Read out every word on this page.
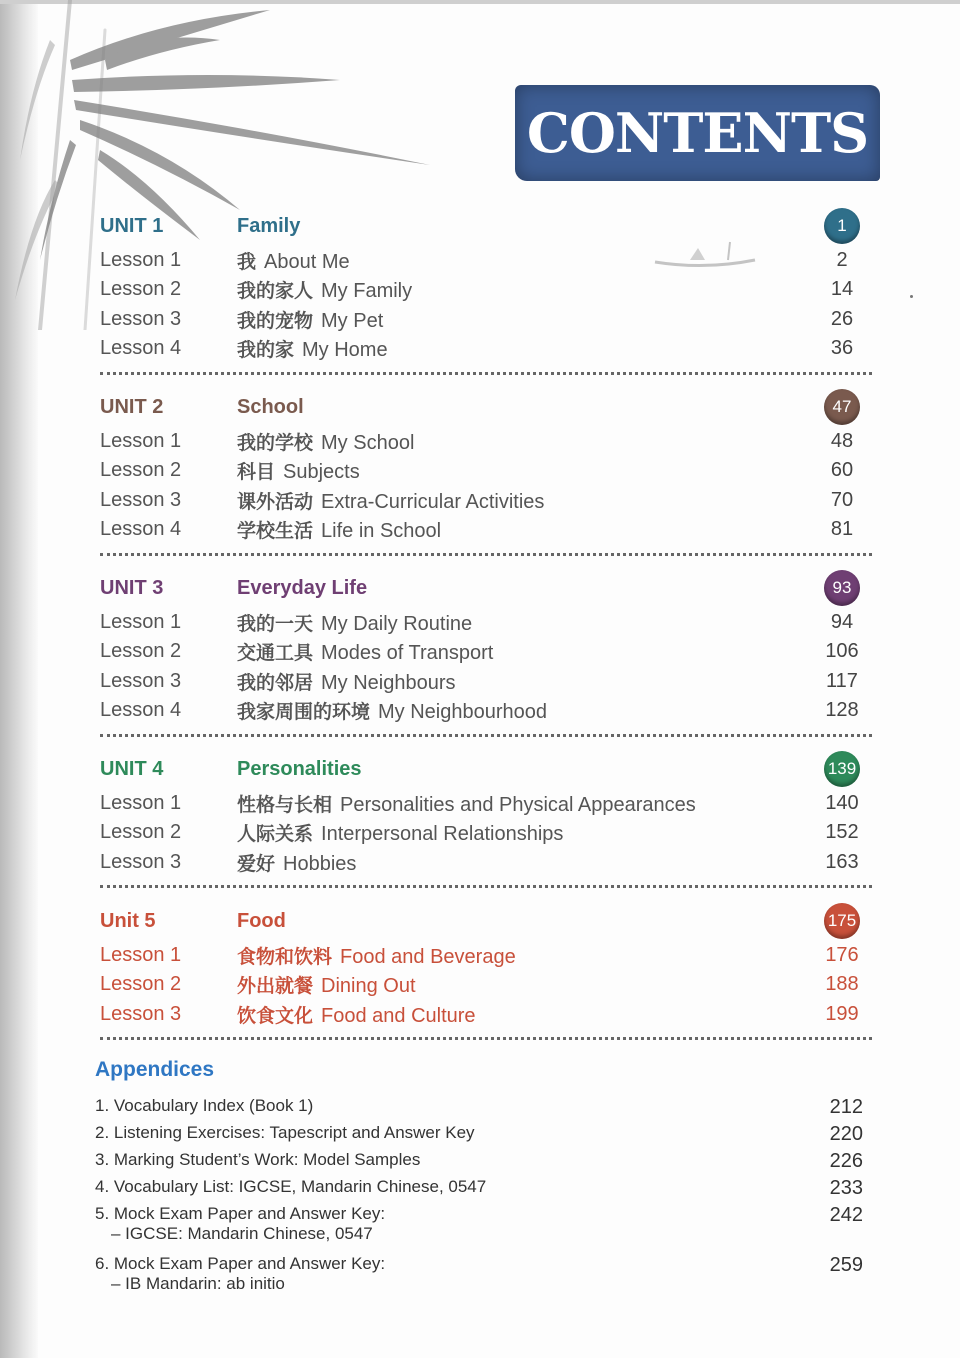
CONTENTS
UNIT 1	Family	1
Lesson 1	我 About Me	2
Lesson 2	我的家人 My Family	14
Lesson 3	我的宠物 My Pet	26
Lesson 4	我的家 My Home	36
UNIT 2	School	47
Lesson 1	我的学校 My School	48
Lesson 2	科目 Subjects	60
Lesson 3	课外活动 Extra-Curricular Activities	70
Lesson 4	学校生活 Life in School	81
UNIT 3	Everyday Life	93
Lesson 1	我的一天 My Daily Routine	94
Lesson 2	交通工具 Modes of Transport	106
Lesson 3	我的邻居 My Neighbours	117
Lesson 4	我家周围的环境 My Neighbourhood	128
UNIT 4	Personalities	139
Lesson 1	性格与长相 Personalities and Physical Appearances	140
Lesson 2	人际关系 Interpersonal Relationships	152
Lesson 3	爱好 Hobbies	163
Unit 5	Food	175
Lesson 1	食物和饮料 Food and Beverage	176
Lesson 2	外出就餐 Dining Out	188
Lesson 3	饮食文化 Food and Culture	199
Appendices
1. Vocabulary Index (Book 1)	212
2. Listening Exercises: Tapescript and Answer Key	220
3. Marking Student’s Work: Model Samples	226
4. Vocabulary List: IGCSE, Mandarin Chinese, 0547	233
5. Mock Exam Paper and Answer Key:
– IGCSE: Mandarin Chinese, 0547
242
6. Mock Exam Paper and Answer Key:
– IB Mandarin: ab initio
259
